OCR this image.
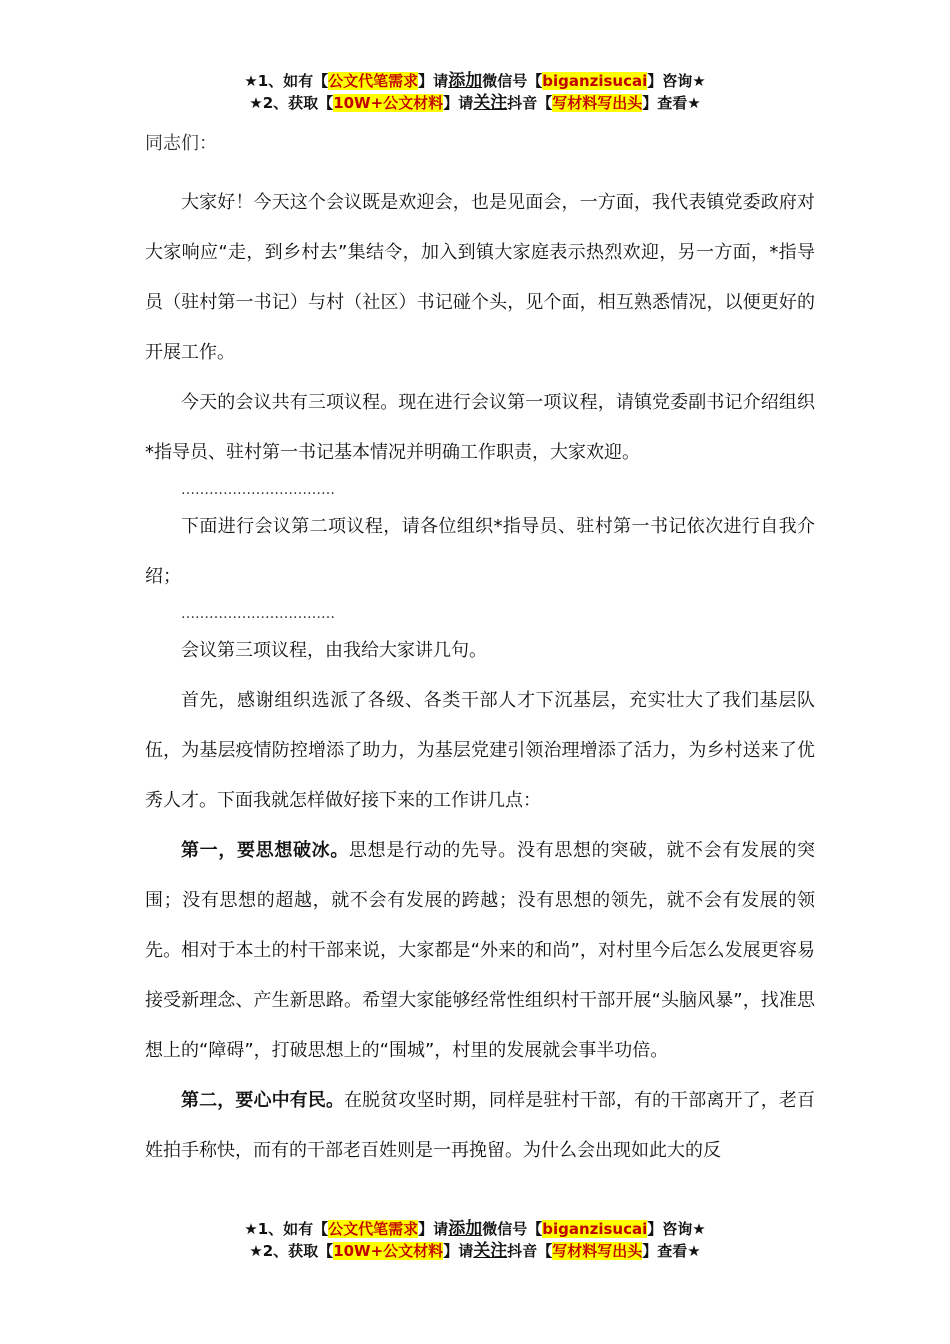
★1、如有【公文代笔需求】请添加微信号【biganzisucai】咨询★
★2、获取【10W+公文材料】请关注抖音【写材料写出头】查看★

同志们：

大家好！今天这个会议既是欢迎会，也是见面会，一方面，我代表镇党委政府对大家响应“走，到乡村去”集结令，加入到镇大家庭表示热烈欢迎，另一方面，*指导员（驻村第一书记）与村（社区）书记碰个头，见个面，相互熟悉情况，以便更好的开展工作。

今天的会议共有三项议程。现在进行会议第一项议程，请镇党委副书记介绍组织*指导员、驻村第一书记基本情况并明确工作职责，大家欢迎。

……………………………

下面进行会议第二项议程，请各位组织*指导员、驻村第一书记依次进行自我介绍；

……………………………

会议第三项议程，由我给大家讲几句。

首先，感谢组织选派了各级、各类干部人才下沉基层，充实壮大了我们基层队伍，为基层疫情防控增添了助力，为基层党建引领治理增添了活力，为乡村送来了优秀人才。下面我就怎样做好接下来的工作讲几点：

第一，要思想破冰。思想是行动的先导。没有思想的突破，就不会有发展的突围；没有思想的超越，就不会有发展的跨越；没有思想的领先，就不会有发展的领先。相对于本土的村干部来说，大家都是“外来的和尚”，对村里今后怎么发展更容易接受新理念、产生新思路。希望大家能够经常性组织村干部开展“头脑风暴”，找准思想上的“障碍”，打破思想上的“围城”，村里的发展就会事半功倍。

第二，要心中有民。在脱贫攻坚时期，同样是驻村干部，有的干部离开了，老百姓拍手称快，而有的干部老百姓则是一再挽留。为什么会出现如此大的反

★1、如有【公文代笔需求】请添加微信号【biganzisucai】咨询★
★2、获取【10W+公文材料】请关注抖音【写材料写出头】查看★
